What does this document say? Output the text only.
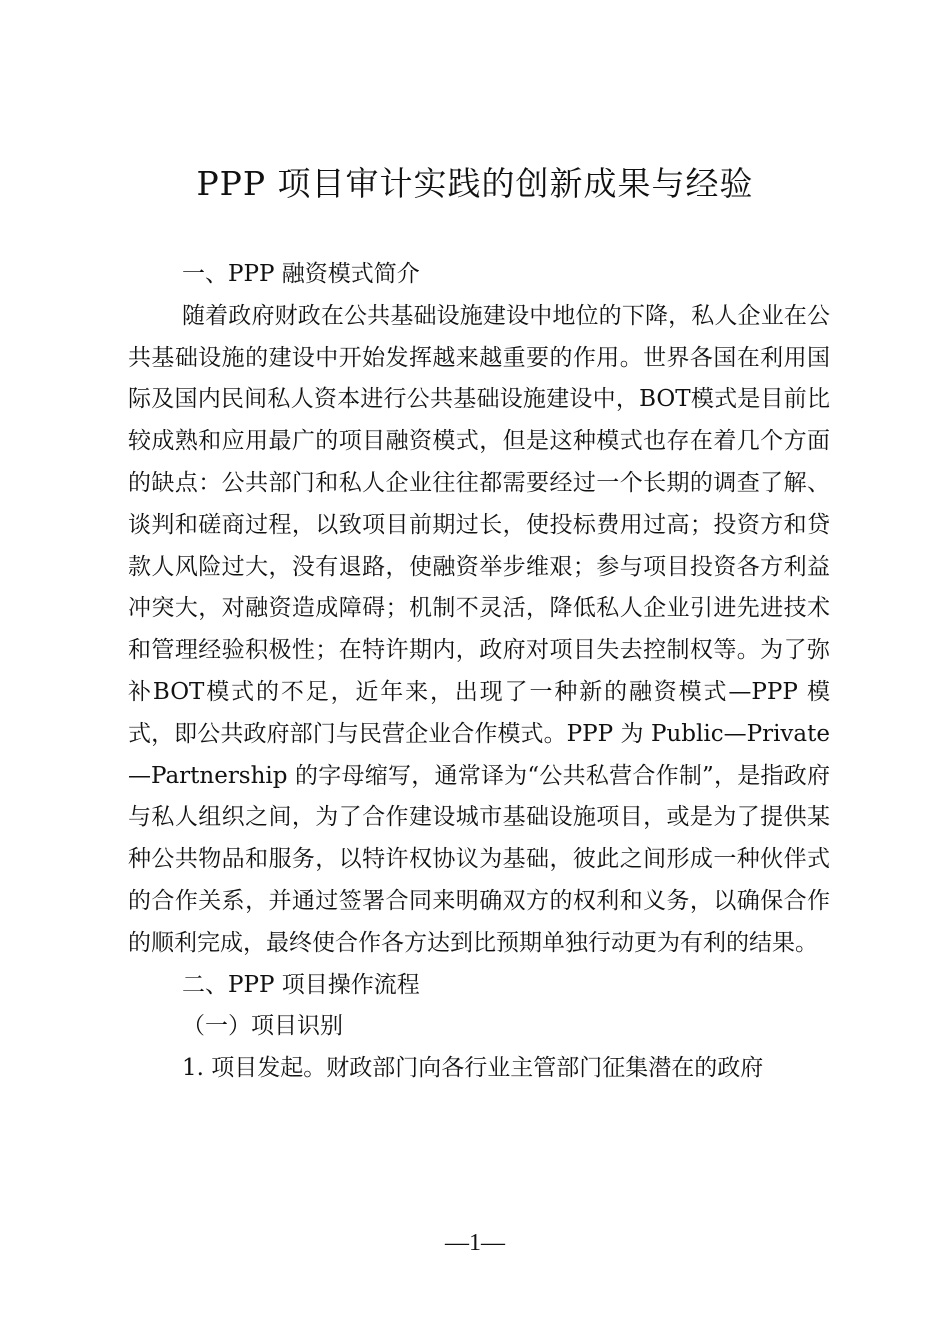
PPP 项目审计实践的创新成果与经验

一、PPP 融资模式简介

随着政府财政在公共基础设施建设中地位的下降，私人企业在公共基础设施的建设中开始发挥越来越重要的作用。世界各国在利用国际及国内民间私人资本进行公共基础设施建设中，BOT模式是目前比较成熟和应用最广的项目融资模式，但是这种模式也存在着几个方面的缺点：公共部门和私人企业往往都需要经过一个长期的调查了解、谈判和磋商过程，以致项目前期过长，使投标费用过高；投资方和贷款人风险过大，没有退路，使融资举步维艰；参与项目投资各方利益冲突大，对融资造成障碍；机制不灵活，降低私人企业引进先进技术和管理经验积极性；在特许期内，政府对项目失去控制权等。为了弥补BOT模式的不足，近年来，出现了一种新的融资模式—PPP 模式，即公共政府部门与民营企业合作模式。PPP 为 Public—Private—Partnership 的字母缩写，通常译为“公共私营合作制”，是指政府与私人组织之间，为了合作建设城市基础设施项目，或是为了提供某种公共物品和服务，以特许权协议为基础，彼此之间形成一种伙伴式的合作关系，并通过签署合同来明确双方的权利和义务，以确保合作的顺利完成，最终使合作各方达到比预期单独行动更为有利的结果。

二、PPP 项目操作流程

（一）项目识别

1. 项目发起。财政部门向各行业主管部门征集潜在的政府

—1—
